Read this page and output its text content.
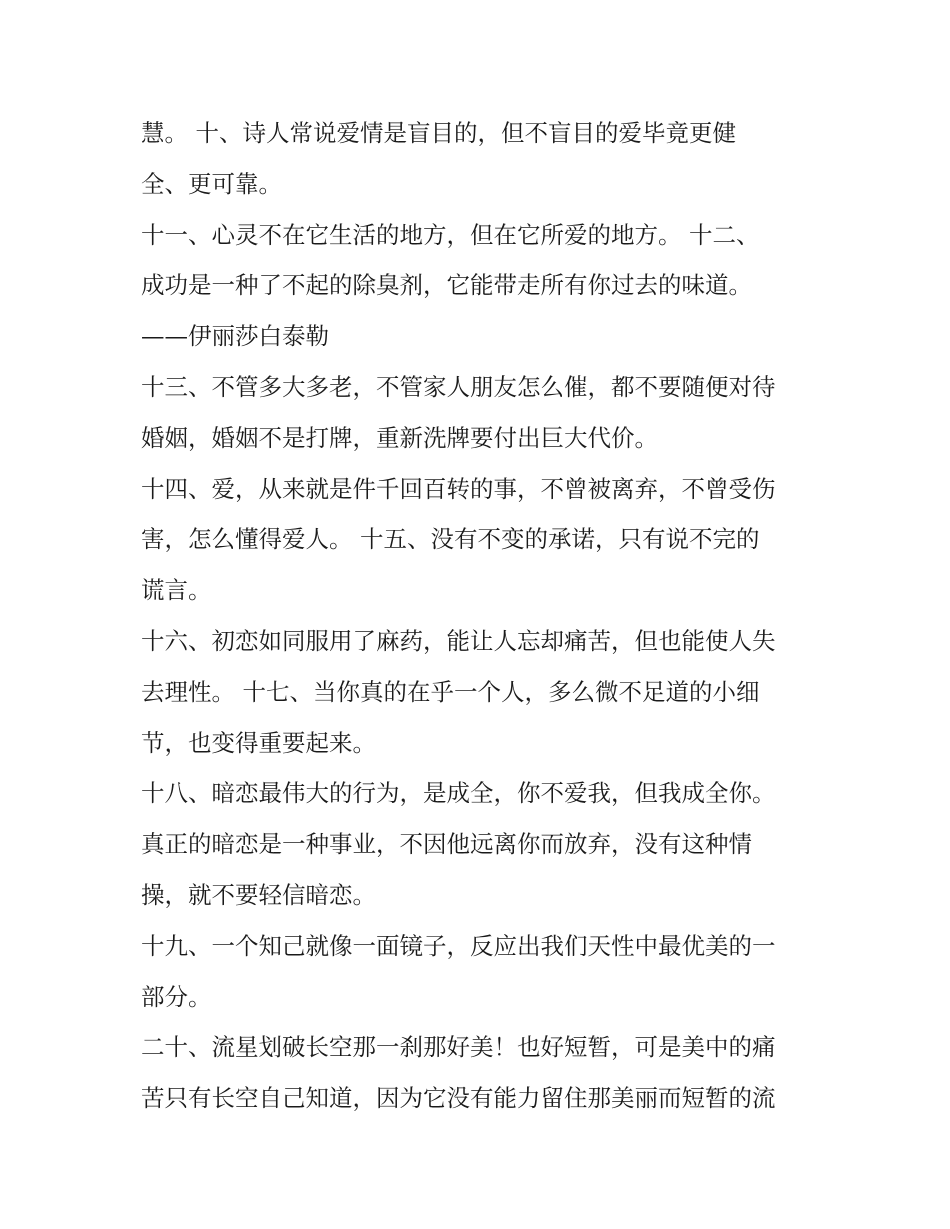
慧。 十、诗人常说爱情是盲目的，但不盲目的爱毕竟更健
全、更可靠。
十一、心灵不在它生活的地方，但在它所爱的地方。 十二、
成功是一种了不起的除臭剂，它能带走所有你过去的味道。
——伊丽莎白泰勒
十三、不管多大多老，不管家人朋友怎么催，都不要随便对待
婚姻，婚姻不是打牌，重新洗牌要付出巨大代价。
十四、爱，从来就是件千回百转的事，不曾被离弃，不曾受伤
害，怎么懂得爱人。 十五、没有不变的承诺，只有说不完的
谎言。
十六、初恋如同服用了麻药，能让人忘却痛苦，但也能使人失
去理性。 十七、当你真的在乎一个人，多么微不足道的小细
节，也变得重要起来。
十八、暗恋最伟大的行为，是成全，你不爱我，但我成全你。
真正的暗恋是一种事业，不因他远离你而放弃，没有这种情
操，就不要轻信暗恋。
十九、一个知己就像一面镜子，反应出我们天性中最优美的一
部分。
二十、流星划破长空那一刹那好美！也好短暂，可是美中的痛
苦只有长空自己知道，因为它没有能力留住那美丽而短暂的流
